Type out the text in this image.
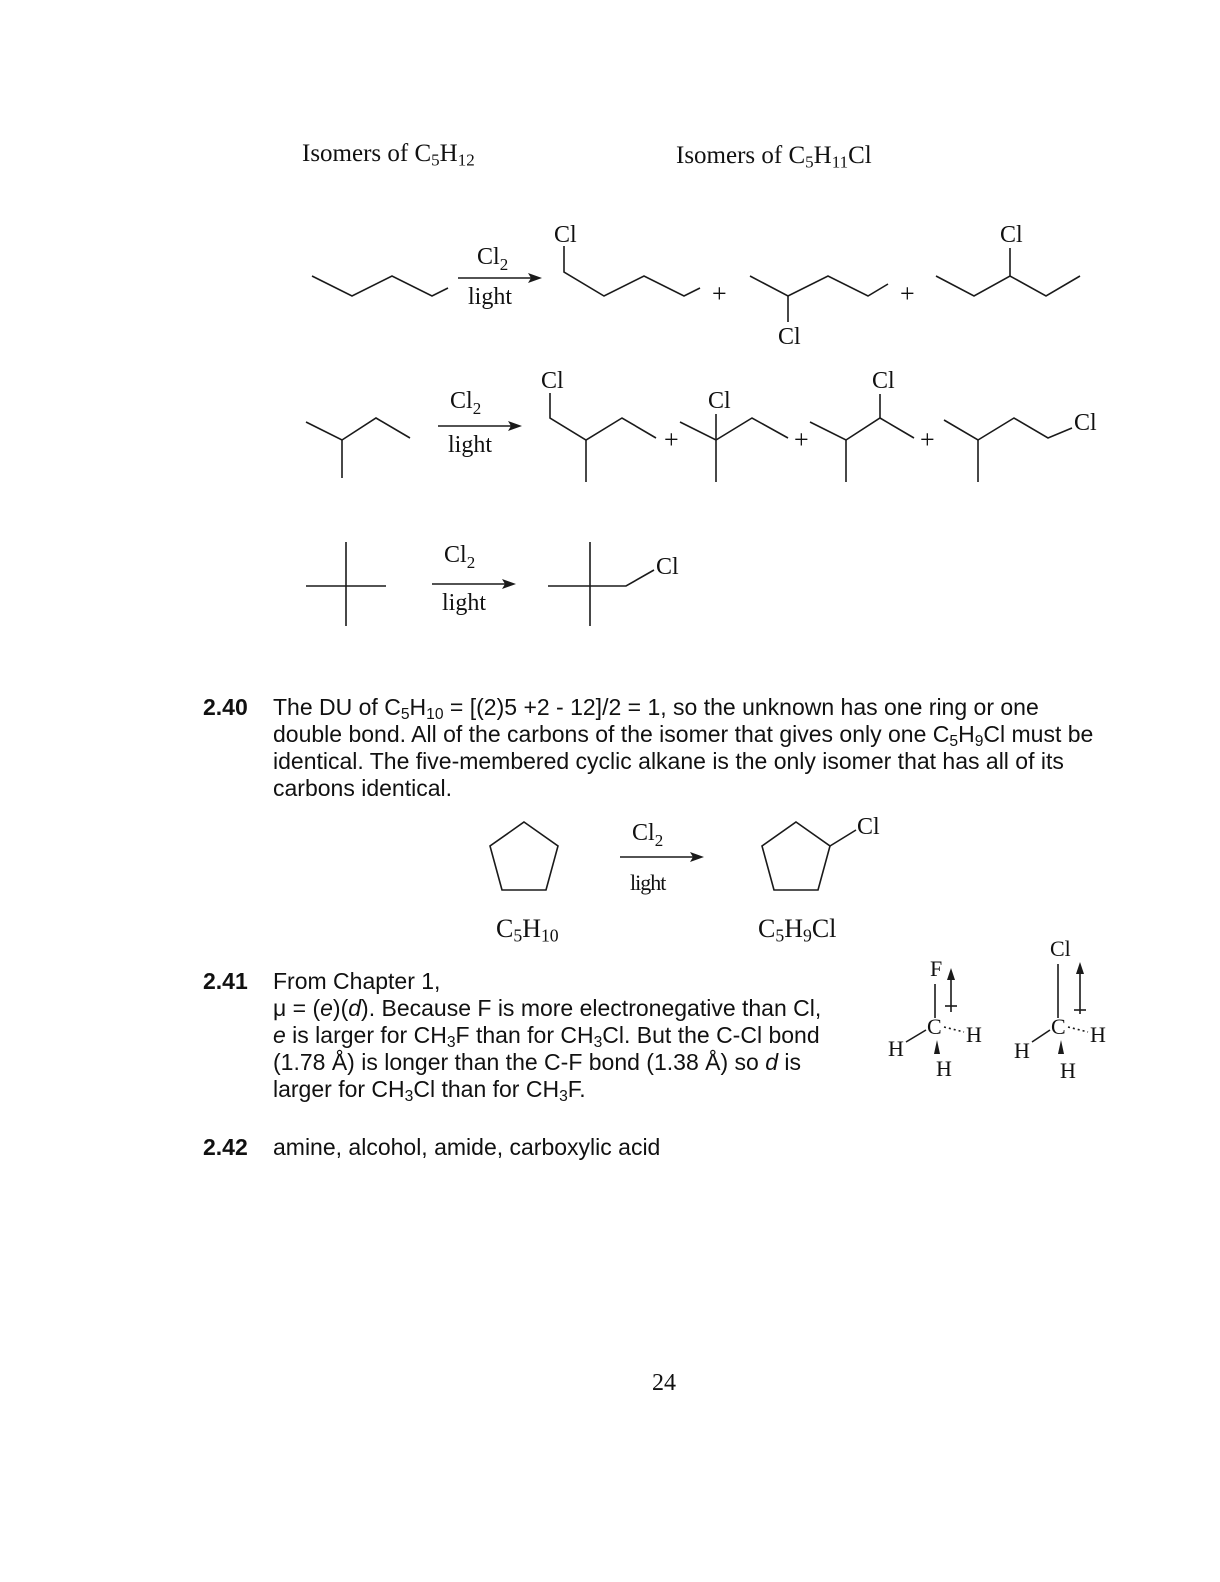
Isomers of $C_5H_{12}$	Isomers of $C_5H_{11}Cl$
$Cl_2$
light
Cl
+
Cl
+
Cl
$Cl_2$
light
Cl
+
Cl
+
Cl
+
Cl
$Cl_2$
light
Cl
$Cl_2$
light
Cl
F
C
H
H
H
Cl
C
H
H
H
2.40 The DU of $C_5H_{10} = [(2)5 +2 - 12]/2 = 1$, so the unknown has one ring or one
double bond. All of the carbons of the isomer that gives only one $C_5H_9Cl$ must be
identical. The five-membered cyclic alkane is the only isomer that has all of its
carbons identical.
$C_5H_{10}$	$C_5H_9Cl$
2.41 From Chapter 1,
μ = (e)(d). Because F is more electronegative than Cl,
e is larger for $CH_3F$ than for $CH_3Cl$. But the C-Cl bond
(1.78 Å) is longer than the C-F bond (1.38 Å) so d is
larger for $CH_3Cl$ than for $CH_3F$.
2.42 amine, alcohol, amide, carboxylic acid
24
